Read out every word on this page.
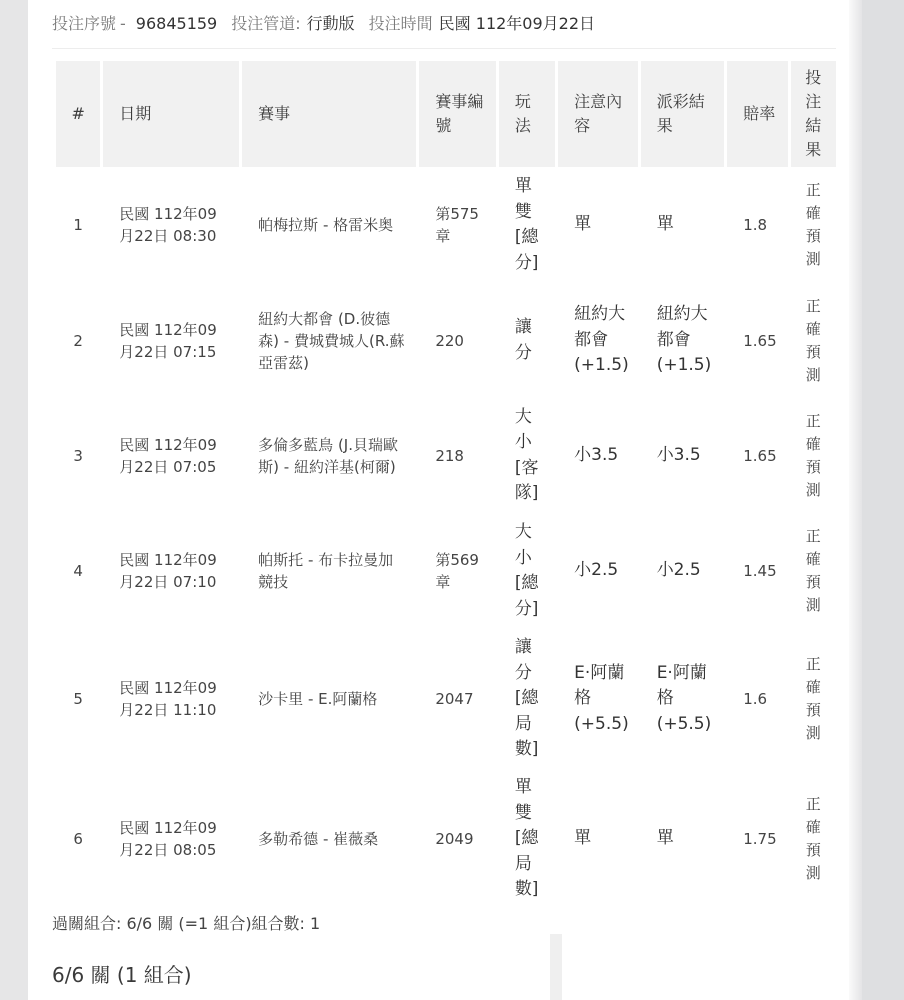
投注序號 - 96845159 投注管道: 行動版 投注時間 民國 112年09月22日
#	日期	賽事	賽事編號	玩法	注意內容	派彩結果	賠率	投注結果
1	民國 112年09月22日 08:30	帕梅拉斯 - 格雷米奥	第575章	單雙[總分]	單	單	1.8	正確預測
2	民國 112年09月22日 07:15	紐約大都會 (D.彼德森) - 費城費城人(R.蘇亞雷茲)	220	讓分	紐約大都會(+1.5)	紐約大都會(+1.5)	1.65	正確預測
3	民國 112年09月22日 07:05	多倫多藍鳥 (J.貝瑞歐斯) - 紐約洋基(柯爾)	218	大小[客隊]	小3.5	小3.5	1.65	正確預測
4	民國 112年09月22日 07:10	帕斯托 - 布卡拉曼加競技	第569章	大小[總分]	小2.5	小2.5	1.45	正確預測
5	民國 112年09月22日 11:10	沙卡里 - E.阿蘭格	2047	讓分[總局數]	E·阿蘭格(+5.5)	E·阿蘭格(+5.5)	1.6	正確預測
6	民國 112年09月22日 08:05	多勒希德 - 崔薇桑	2049	單雙[總局數]	單	單	1.75	正確預測
過關組合: 6/6 關 (=1 組合)組合數: 1
6/6 關 (1 組合)
